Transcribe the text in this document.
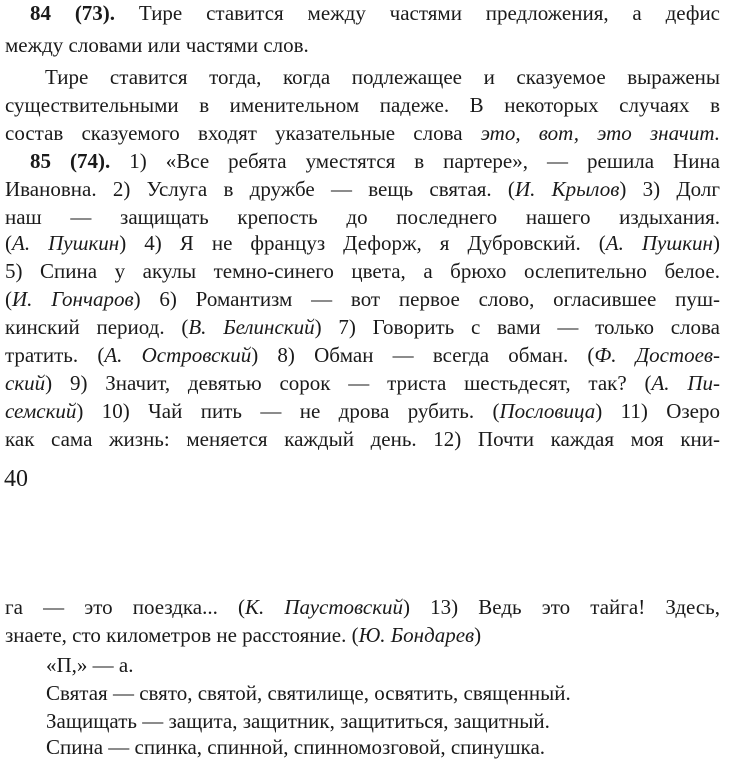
84 (73). Тире ставится между частями предложения, а дефис
между словами или частями слов.
Тире ставится тогда, когда подлежащее и сказуемое выражены
существительными в именительном падеже. В некоторых случаях в
состав сказуемого входят указательные слова это, вот, это значит.
85 (74). 1) «Все ребята уместятся в партере», — решила Нина
Ивановна. 2) Услуга в дружбе — вещь святая. (И. Крылов) 3) Долг
наш — защищать крепость до последнего нашего издыхания.
(А. Пушкин) 4) Я не француз Дефорж, я Дубровский. (А. Пушкин)
5) Спина у акулы темно-синего цвета, а брюхо ослепительно белое.
(И. Гончаров) 6) Романтизм — вот первое слово, огласившее пуш-
кинский период. (В. Белинский) 7) Говорить с вами — только слова
тратить. (А. Островский) 8) Обман — всегда обман. (Ф. Достоев-
ский) 9) Значит, девятью сорок — триста шестьдесят, так? (А. Пи-
семский) 10) Чай пить — не дрова рубить. (Пословица) 11) Озеро
как сама жизнь: меняется каждый день. 12) Почти каждая моя кни-
40
га — это поездка... (К. Паустовский) 13) Ведь это тайга! Здесь,
знаете, сто километров не расстояние. (Ю. Бондарев)
«П,» — а.
Святая — свято, святой, святилище, освятить, священный.
Защищать — защита, защитник, защититься, защитный.
Спина — спинка, спинной, спинномозговой, спинушка.
